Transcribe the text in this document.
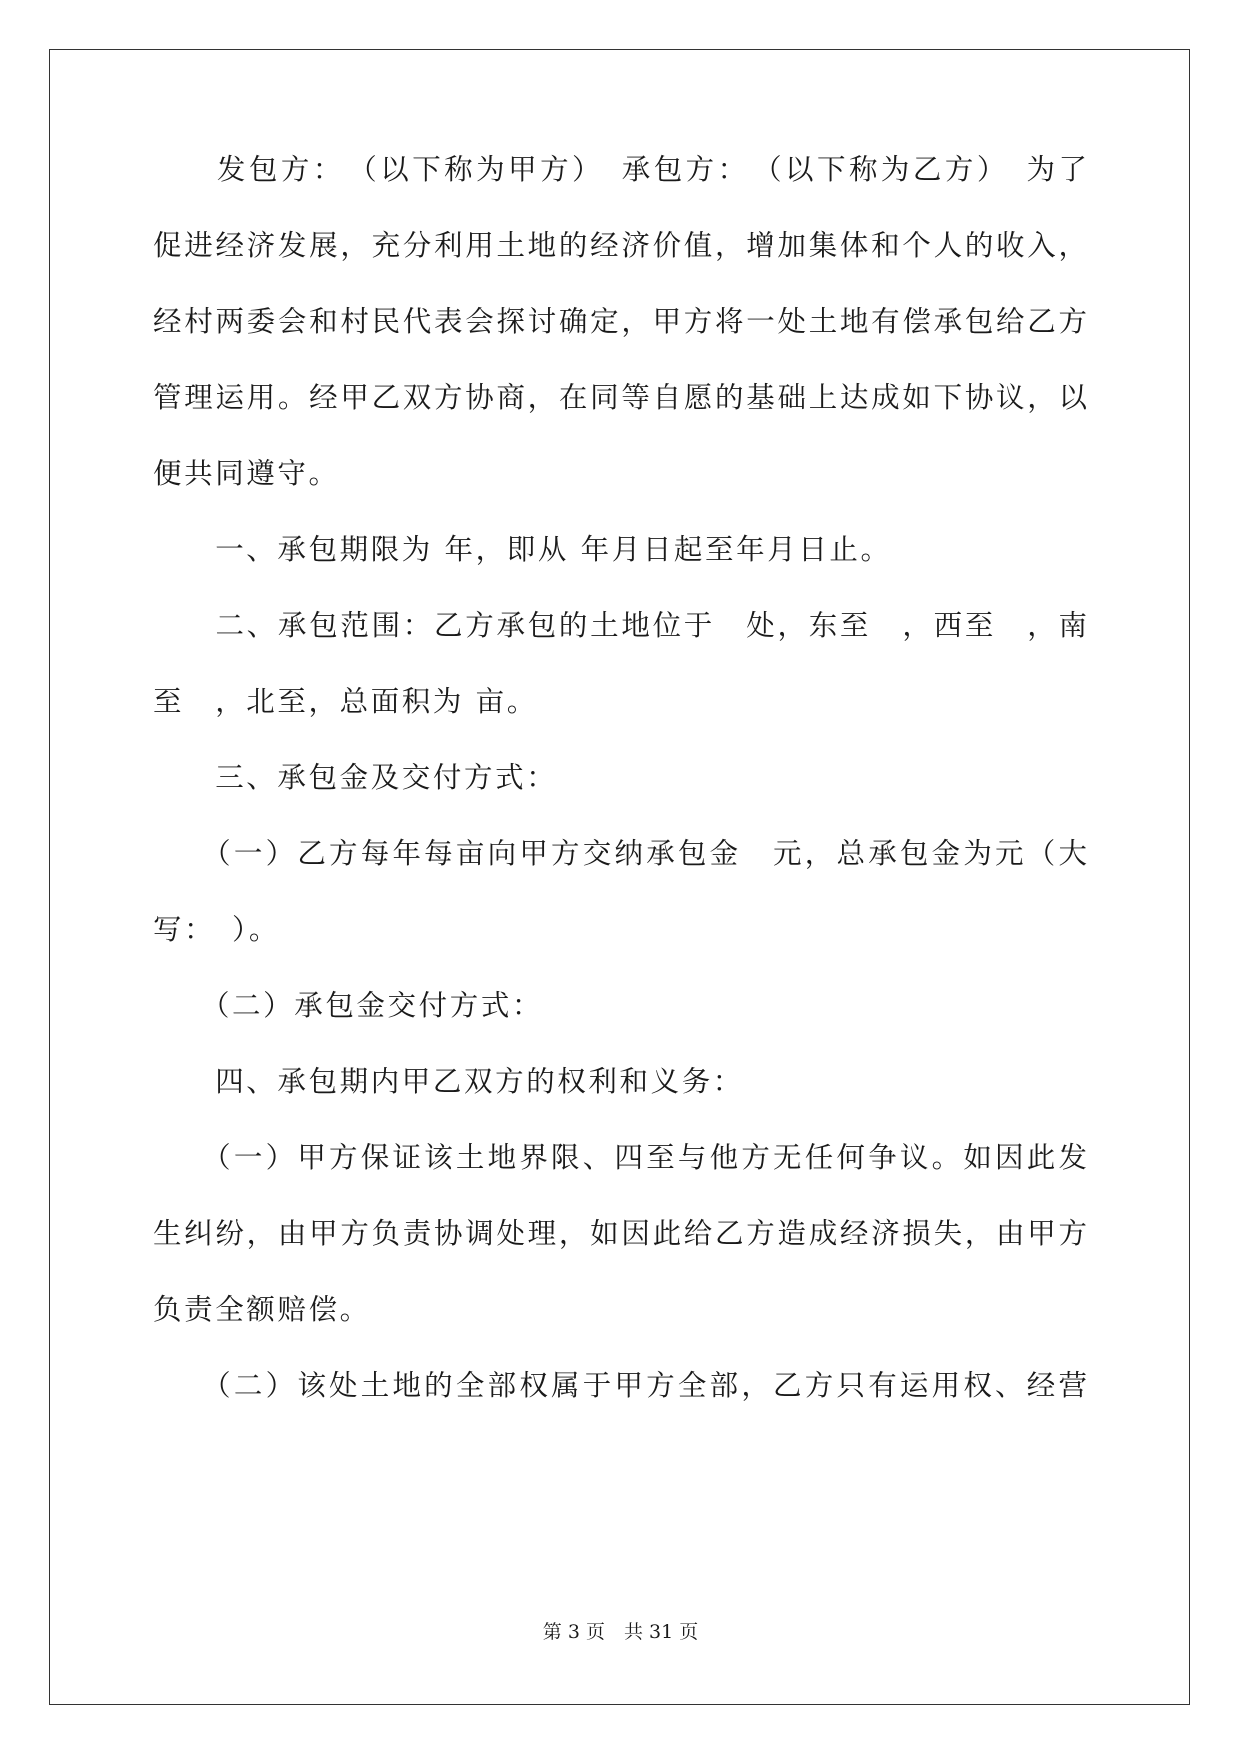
　　发包方：　（以下称为甲方）　承包方：　（以下称为乙方）　为了
促进经济发展，充分利用土地的经济价值，增加集体和个人的收入，
经村两委会和村民代表会探讨确定，甲方将一处土地有偿承包给乙方
管理运用。经甲乙双方协商，在同等自愿的基础上达成如下协议，以
便共同遵守。
　　一、承包期限为 年，即从 年月日起至年月日止。
　　二、承包范围：乙方承包的土地位于　处，东至　，西至　，南
至　，北至，总面积为 亩。
　　三、承包金及交付方式：
　　（一）乙方每年每亩向甲方交纳承包金　元，总承包金为元（大
写：　）。
　　（二）承包金交付方式：
　　四、承包期内甲乙双方的权利和义务：
　　（一）甲方保证该土地界限、四至与他方无任何争议。如因此发
生纠纷，由甲方负责协调处理，如因此给乙方造成经济损失，由甲方
负责全额赔偿。
　　（二）该处土地的全部权属于甲方全部，乙方只有运用权、经营
第 3 页　共 31 页
